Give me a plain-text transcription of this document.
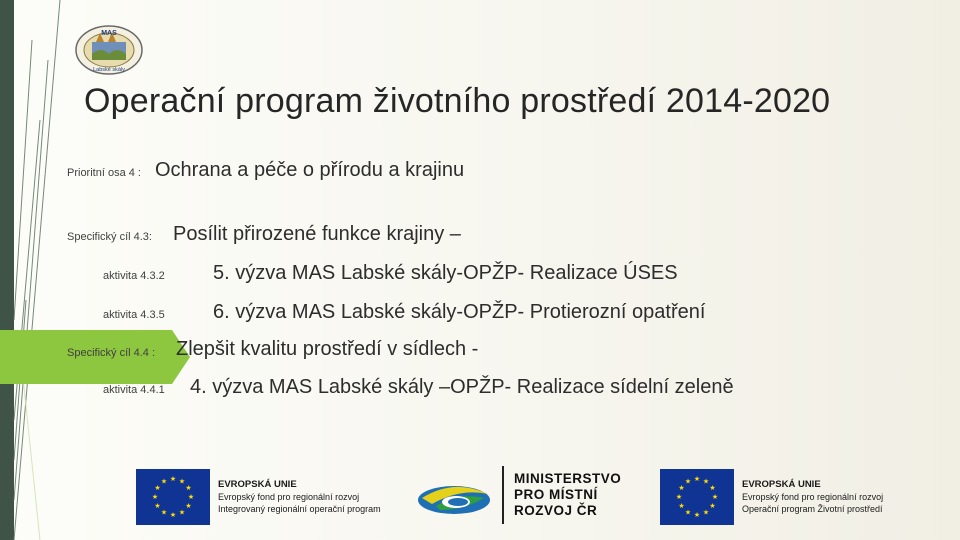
MAS
Labské skály
Operační program životního prostředí 2014-2020
Prioritní osa 4 : Ochrana a péče o přírodu a krajinu
Specifický cíl 4.3: Posílit přirozené funkce krajiny –
aktivita 4.3.2 5. výzva MAS Labské skály-OPŽP- Realizace ÚSES
aktivita 4.3.5 6. výzva MAS Labské skály-OPŽP- Protierozní opatření
Specifický cíl 4.4 : Zlepšit kvalitu prostředí v sídlech -
aktivita 4.4.1 4. výzva MAS Labské skály –OPŽP- Realizace sídelní zeleně
★ ★
★
★
★
★
★
★
★
★
★
★	EVROPSKÁ UNIE
Evropský fond pro regionální rozvoj
Integrovaný regionální operační program
MINISTERSTVO
PRO MÍSTNÍ
ROZVOJ ČR
★ ★
★
★
★
★
★
★
★
★
★
★	EVROPSKÁ UNIE
Evropský fond pro regionální rozvoj
Operační program Životní prostředí
